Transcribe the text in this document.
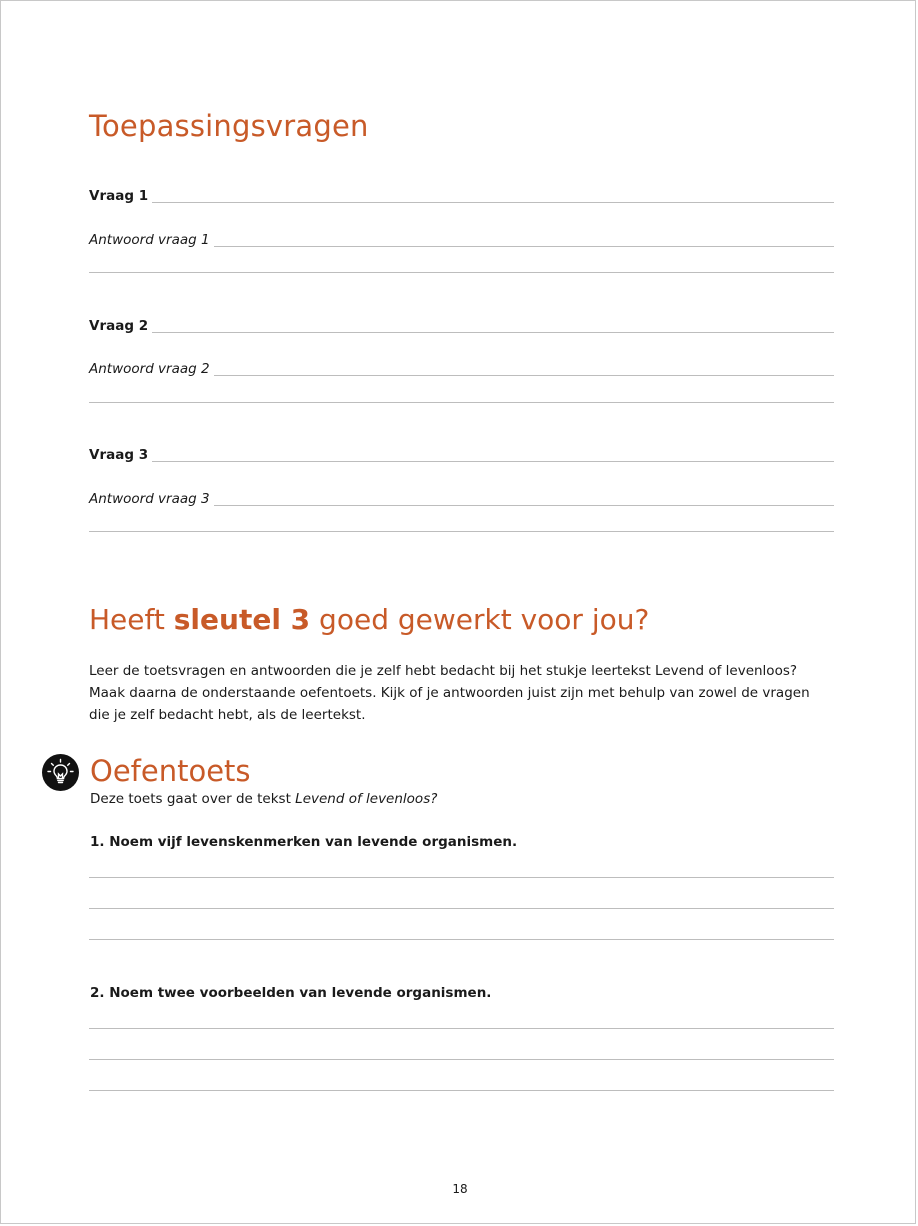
Toepassingsvragen
Vraag 1
Antwoord vraag 1
Vraag 2
Antwoord vraag 2
Vraag 3
Antwoord vraag 3
Heeft sleutel 3 goed gewerkt voor jou?
Leer de toetsvragen en antwoorden die je zelf hebt bedacht bij het stukje leertekst Levend of levenloos?
Maak daarna de onderstaande oefentoets. Kijk of je antwoorden juist zijn met behulp van zowel de vragen
die je zelf bedacht hebt, als de leertekst.
Oefentoets
Deze toets gaat over de tekst Levend of levenloos?
1. Noem vijf levenskenmerken van levende organismen.
2. Noem twee voorbeelden van levende organismen.
18
